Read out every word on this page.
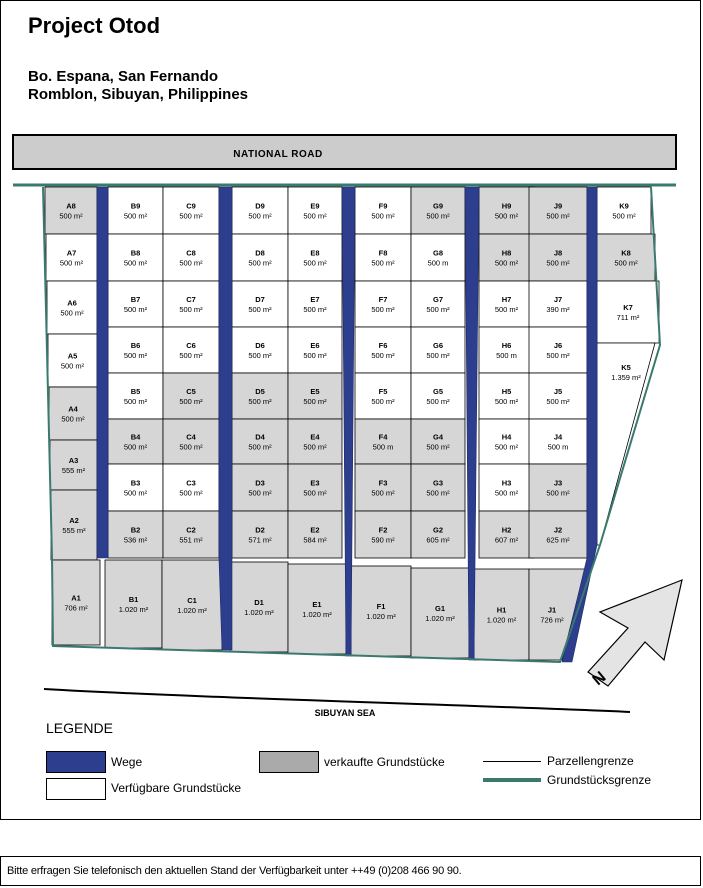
Project Otod
Bo. Espana, San Fernando
Romblon, Sibuyan, Philippines
NATIONAL ROAD
A8
500 m²
A7
500 m²
A6
500 m²
A5
500 m²
A4
500 m²
A3
555 m²
A2
555 m²
A1
706 m²
B9
500 m²
B8
500 m²
B7
500 m²
B6
500 m²
B5
500 m²
B4
500 m²
B3
500 m²
B2
536 m²
B1
1.020 m²
C9
500 m²
C8
500 m²
C7
500 m²
C6
500 m²
C5
500 m²
C4
500 m²
C3
500 m²
C2
551 m²
C1
1.020 m²
D9
500 m²
D8
500 m²
D7
500 m²
D6
500 m²
D5
500 m²
D4
500 m²
D3
500 m²
D2
571 m²
D1
1.020 m²
E9
500 m²
E8
500 m²
E7
500 m²
E6
500 m²
E5
500 m²
E4
500 m²
E3
500 m²
E2
584 m²
E1
1.020 m²
F9
500 m²
F8
500 m²
F7
500 m²
F6
500 m²
F5
500 m²
F4
500 m
F3
500 m²
F2
590 m²
F1
1.020 m²
G9
500 m²
G8
500 m
G7
500 m²
G6
500 m²
G5
500 m²
G4
500 m²
G3
500 m²
G2
605 m²
G1
1.020 m²
H9
500 m²
H8
500 m²
H7
500 m²
H6
500 m
H5
500 m²
H4
500 m²
H3
500 m²
H2
607 m²
H1
1.020 m²
J9
500 m²
J8
500 m²
J7
390 m²
J6
500 m²
J5
500 m²
J4
500 m
J3
500 m²
J2
625 m²
J1
726 m²
K9
500 m²
K8
500 m²
K7
711 m²
K5
1.359 m²
SIBUYAN SEA
N
LEGENDE
Wege
Verfügbare Grundstücke
verkaufte Grundstücke	Parzellengrenze
Grundstücksgrenze
Bitte erfragen Sie telefonisch den aktuellen Stand der Verfügbarkeit unter ++49 (0)208 466 90 90.
